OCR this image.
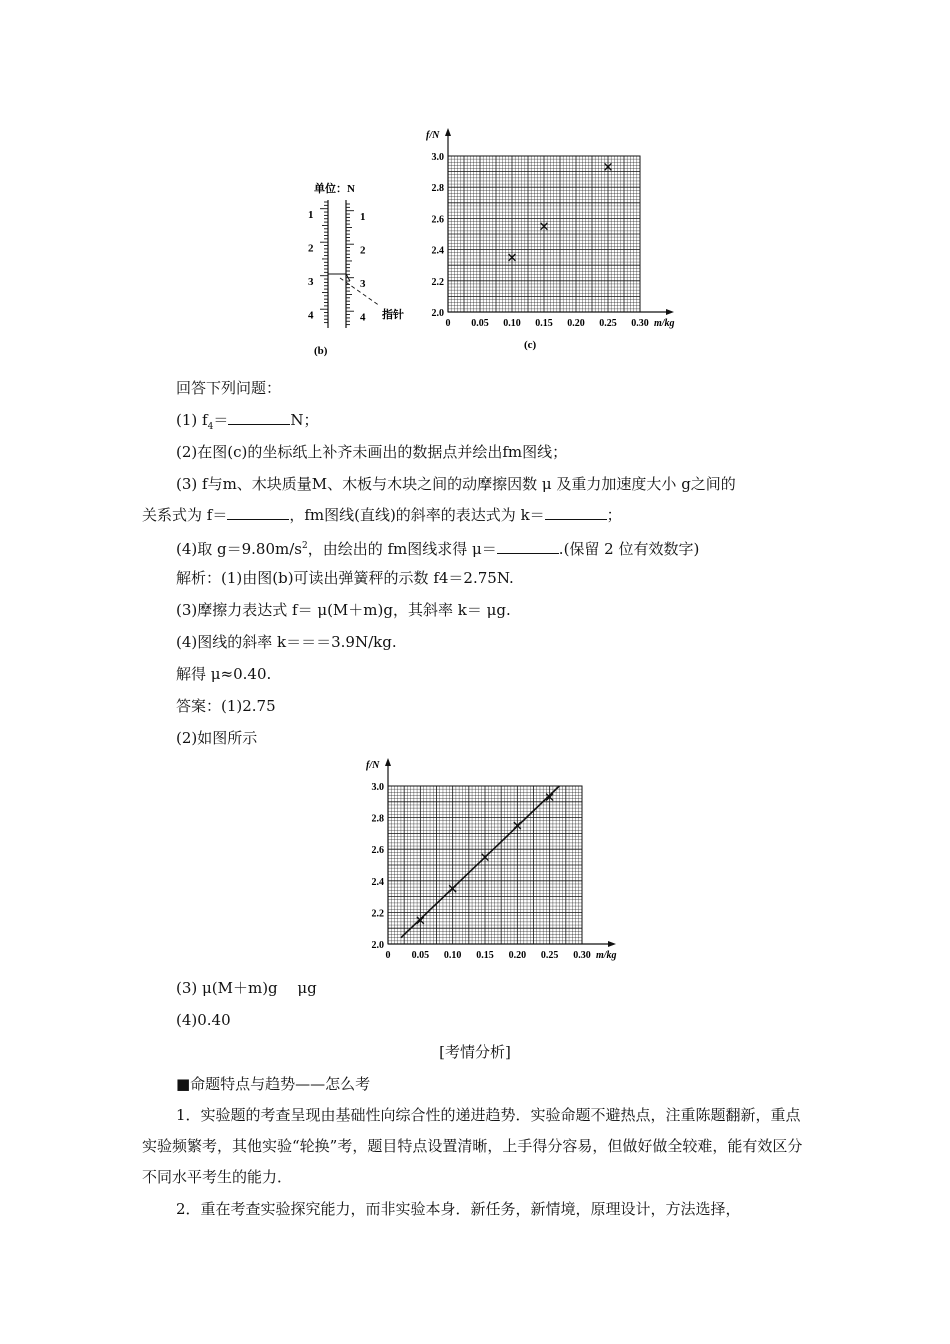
单位：N
1
2
3
4
1
2
3
4 指针
(b)
m/kg
f/N
0 0.05 0.10 0.15 0.20 0.25 0.30
2.0
2.2
2.4
2.6
2.8
3.0
(c)
回答下列问题：
(1) $f_4=$	N；
(2)在图(c)的坐标纸上补齐未画出的数据点并绘出fm图线；
(3) f与m、木块质量M、木板与木块之间的动摩擦因数 μ 及重力加速度大小 g之间的
关系式为 f＝	，fm图线(直线)的斜率的表达式为 k＝	；
(4)取 $g=9.80m/s^2$，由绘出的 fm图线求得 μ＝	.(保留 2 位有效数字)
解析：(1)由图(b)可读出弹簧秤的示数 f4＝2.75N.
(3)摩擦力表达式 f＝ μ(M＋m)g，其斜率 k＝ μg.
(4)图线的斜率 k＝＝＝3.9N/kg.
解得 μ≈0.40.
答案：(1)2.75
(2)如图所示
m/kg
f/N
0 0.05 0.10 0.15 0.20 0.25 0.30
2.0
2.2
2.4
2.6
2.8
3.0
(3) μ(M＋m)g　 μg
(4)0.40
[考情分析]
■命题特点与趋势——怎么考
1．实验题的考查呈现由基础性向综合性的递进趋势．实验命题不避热点，注重陈题翻新，重点实验频繁考，其他实验“轮换”考，题目特点设置清晰，上手得分容易，但做好做全较难，能有效区分不同水平考生的能力．
2．重在考查实验探究能力，而非实验本身．新任务，新情境，原理设计，方法选择，
